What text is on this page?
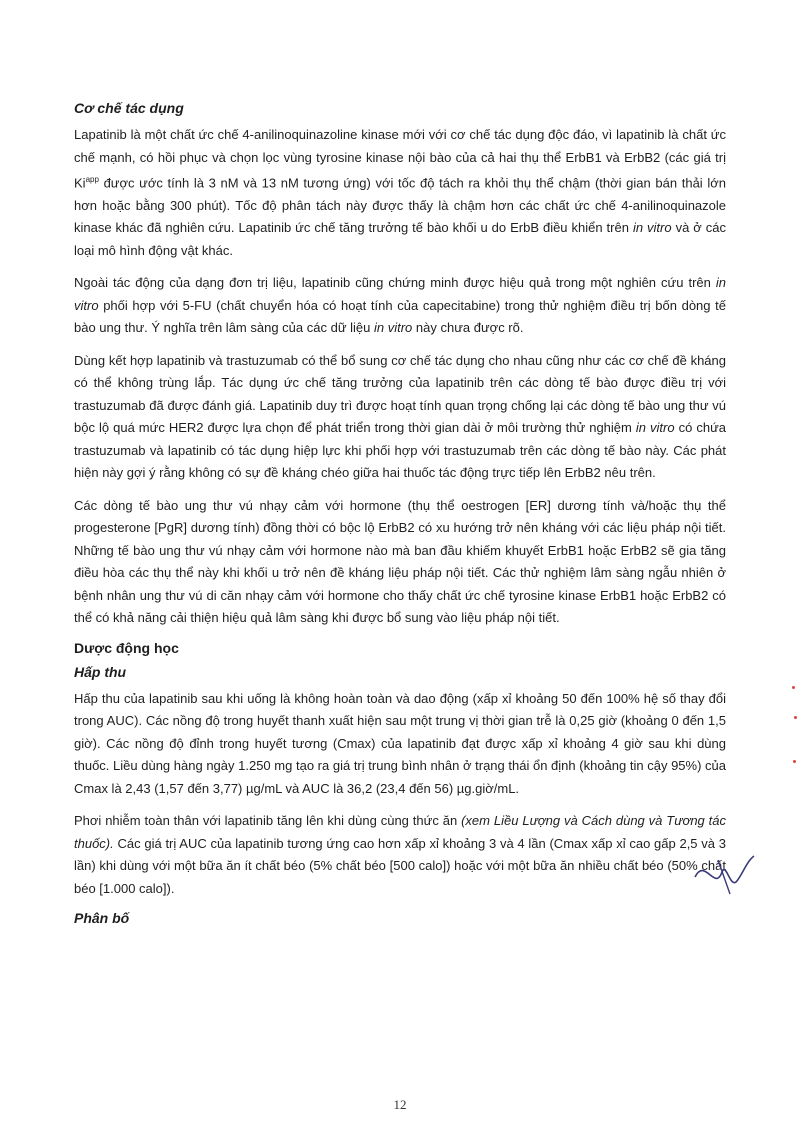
Cơ chế tác dụng

Lapatinib là một chất ức chế 4-anilinoquinazoline kinase mới với cơ chế tác dụng độc đáo, vì lapatinib là chất ức chế mạnh, có hồi phục và chọn lọc vùng tyrosine kinase nội bào của cả hai thụ thể ErbB1 và ErbB2 (các giá trị $Ki^{app}$ được ước tính là 3 nM và 13 nM tương ứng) với tốc độ tách ra khỏi thụ thể chậm (thời gian bán thải lớn hơn hoặc bằng 300 phút). Tốc độ phân tách này được thấy là chậm hơn các chất ức chế 4-anilinoquinazole kinase khác đã nghiên cứu. Lapatinib ức chế tăng trưởng tế bào khối u do ErbB điều khiển trên in vitro và ở các loại mô hình động vật khác.

Ngoài tác động của dạng đơn trị liệu, lapatinib cũng chứng minh được hiệu quả trong một nghiên cứu trên in vitro phối hợp với 5-FU (chất chuyển hóa có hoạt tính của capecitabine) trong thử nghiệm điều trị bốn dòng tế bào ung thư. Ý nghĩa trên lâm sàng của các dữ liệu in vitro này chưa được rõ.

Dùng kết hợp lapatinib và trastuzumab có thể bổ sung cơ chế tác dụng cho nhau cũng như các cơ chế đề kháng có thể không trùng lắp. Tác dụng ức chế tăng trưởng của lapatinib trên các dòng tế bào được điều trị với trastuzumab đã được đánh giá. Lapatinib duy trì được hoạt tính quan trọng chống lại các dòng tế bào ung thư vú bộc lộ quá mức HER2 được lựa chọn để phát triển trong thời gian dài ở môi trường thử nghiệm in vitro có chứa trastuzumab và lapatinib có tác dụng hiệp lực khi phối hợp với trastuzumab trên các dòng tế bào này. Các phát hiện này gợi ý rằng không có sự đề kháng chéo giữa hai thuốc tác động trực tiếp lên ErbB2 nêu trên.

Các dòng tế bào ung thư vú nhạy cảm với hormone (thụ thể oestrogen [ER] dương tính và/hoặc thụ thể progesterone [PgR] dương tính) đồng thời có bộc lộ ErbB2 có xu hướng trở nên kháng với các liệu pháp nội tiết. Những tế bào ung thư vú nhạy cảm với hormone nào mà ban đầu khiếm khuyết ErbB1 hoặc ErbB2 sẽ gia tăng điều hòa các thụ thể này khi khối u trở nên đề kháng liệu pháp nội tiết. Các thử nghiệm lâm sàng ngẫu nhiên ở bệnh nhân ung thư vú di căn nhạy cảm với hormone cho thấy chất ức chế tyrosine kinase ErbB1 hoặc ErbB2 có thể có khả năng cải thiện hiệu quả lâm sàng khi được bổ sung vào liệu pháp nội tiết.

Dược động học
Hấp thu

Hấp thu của lapatinib sau khi uống là không hoàn toàn và dao động (xấp xỉ khoảng 50 đến 100% hệ số thay đổi trong AUC). Các nồng độ trong huyết thanh xuất hiện sau một trung vị thời gian trễ là 0,25 giờ (khoảng 0 đến 1,5 giờ). Các nồng độ đỉnh trong huyết tương (Cmax) của lapatinib đạt được xấp xỉ khoảng 4 giờ sau khi dùng thuốc. Liều dùng hàng ngày 1.250 mg tạo ra giá trị trung bình nhân ở trạng thái ổn định (khoảng tin cậy 95%) của Cmax là 2,43 (1,57 đến 3,77) µg/mL và AUC là 36,2 (23,4 đến 56) µg.giờ/mL.

Phơi nhiễm toàn thân với lapatinib tăng lên khi dùng cùng thức ăn (xem Liều Lượng và Cách dùng và Tương tác thuốc). Các giá trị AUC của lapatinib tương ứng cao hơn xấp xỉ khoảng 3 và 4 lần (Cmax xấp xỉ cao gấp 2,5 và 3 lần) khi dùng với một bữa ăn ít chất béo (5% chất béo [500 calo]) hoặc với một bữa ăn nhiều chất béo (50% chất béo [1.000 calo]).

Phân bố
12
